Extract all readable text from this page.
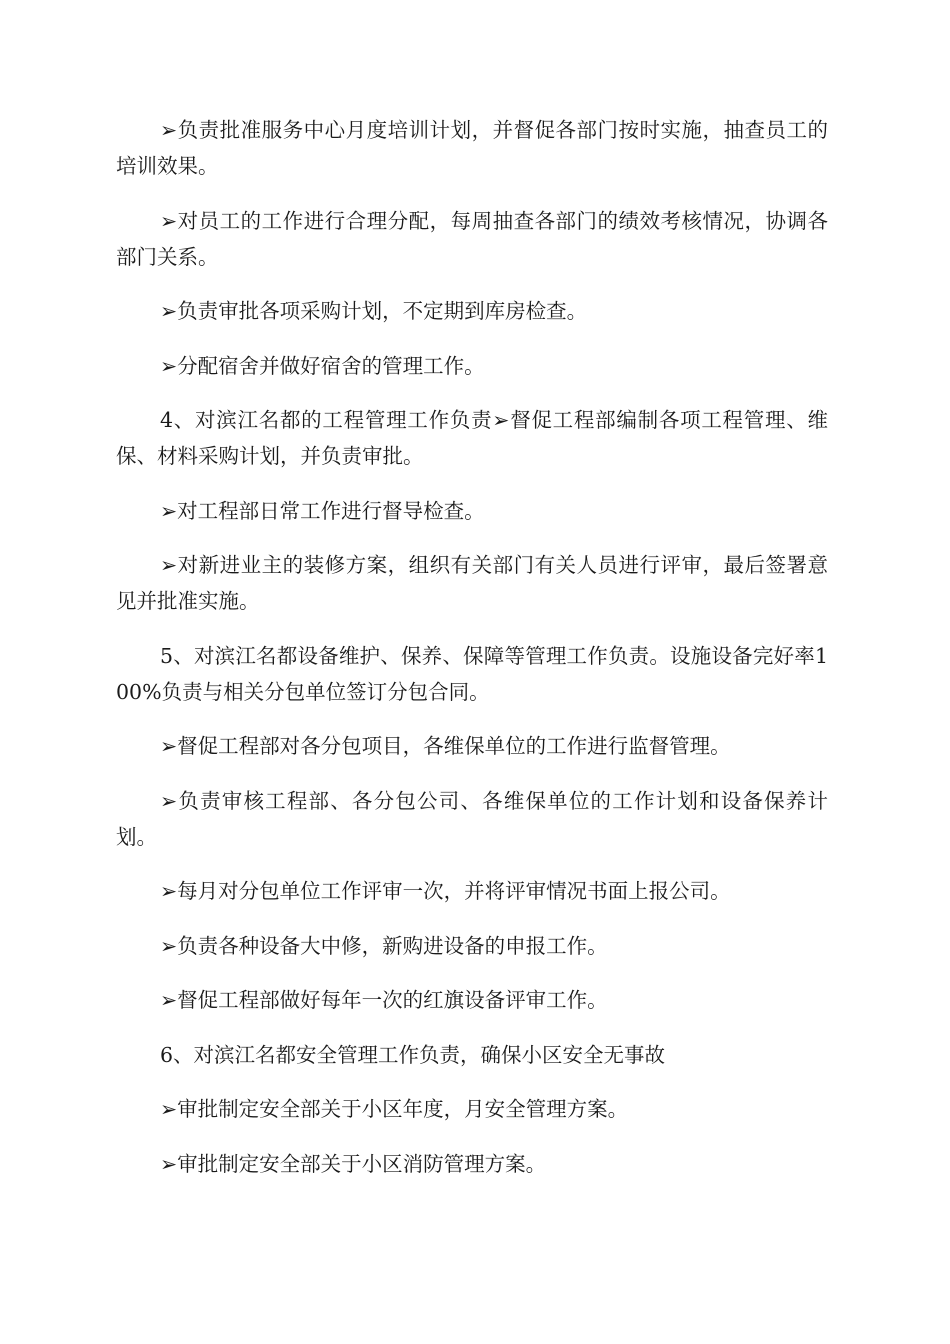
➢负责批准服务中心月度培训计划，并督促各部门按时实施，抽查员工的培训效果。

➢对员工的工作进行合理分配，每周抽查各部门的绩效考核情况，协调各部门关系。

➢负责审批各项采购计划，不定期到库房检查。

➢分配宿舍并做好宿舍的管理工作。

4、对滨江名都的工程管理工作负责➢督促工程部编制各项工程管理、维保、材料采购计划，并负责审批。

➢对工程部日常工作进行督导检查。

➢对新进业主的装修方案，组织有关部门有关人员进行评审，最后签署意见并批准实施。

5、对滨江名都设备维护、保养、保障等管理工作负责。设施设备完好率100%负责与相关分包单位签订分包合同。

➢督促工程部对各分包项目，各维保单位的工作进行监督管理。

➢负责审核工程部、各分包公司、各维保单位的工作计划和设备保养计划。

➢每月对分包单位工作评审一次，并将评审情况书面上报公司。

➢负责各种设备大中修，新购进设备的申报工作。

➢督促工程部做好每年一次的红旗设备评审工作。

6、对滨江名都安全管理工作负责，确保小区安全无事故

➢审批制定安全部关于小区年度，月安全管理方案。

➢审批制定安全部关于小区消防管理方案。
